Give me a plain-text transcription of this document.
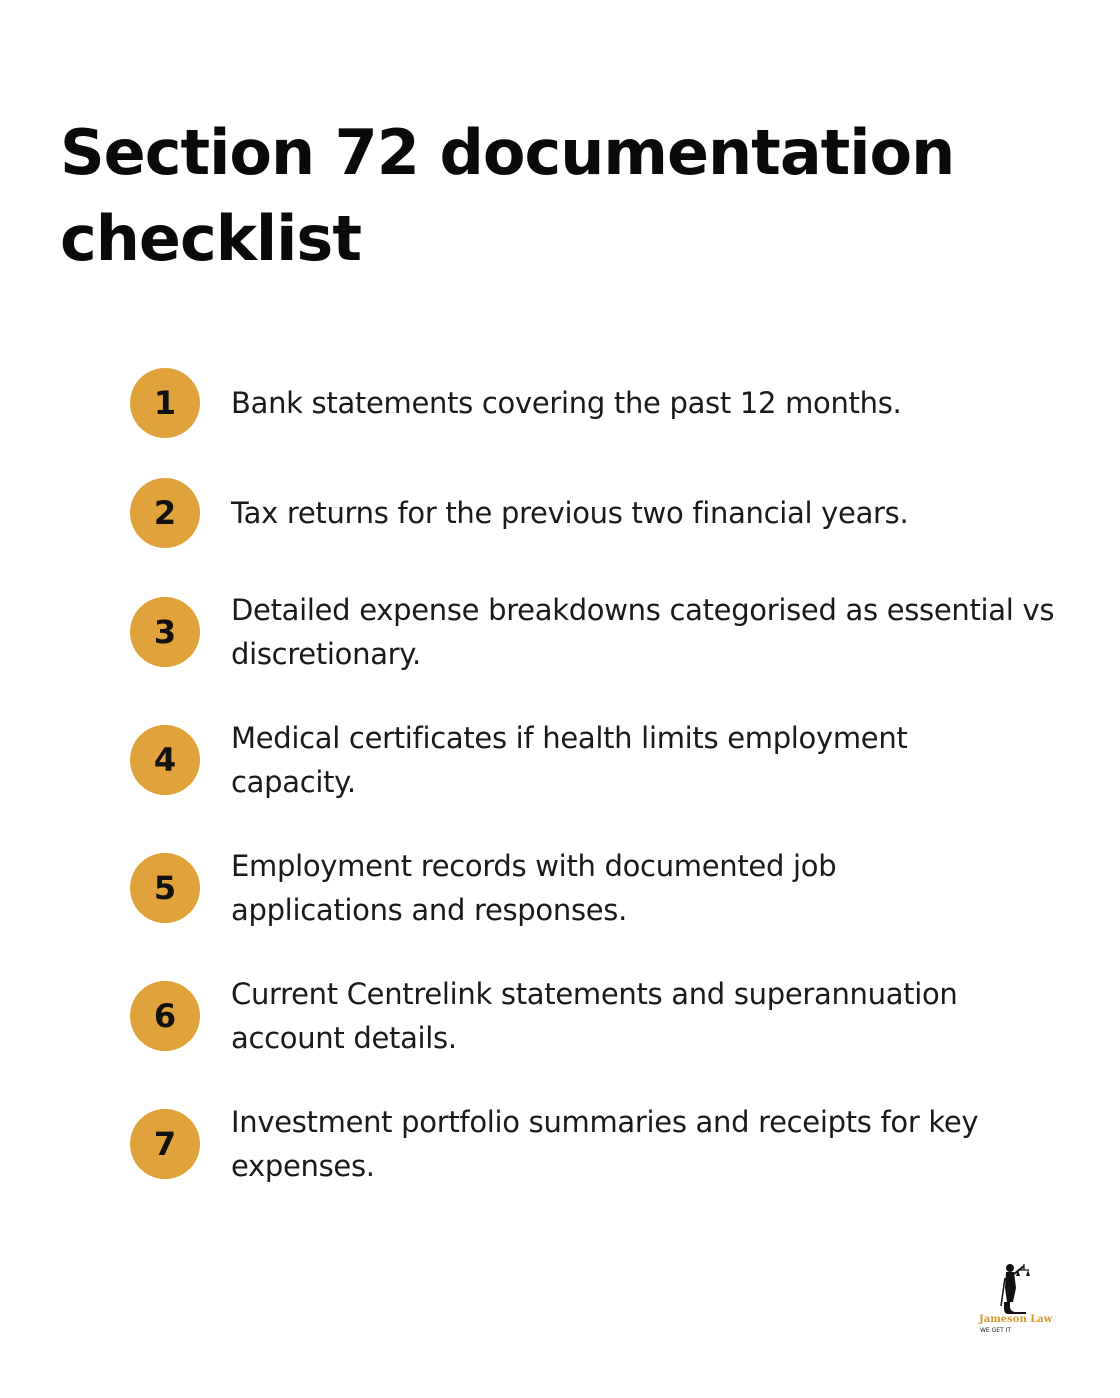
Section 72 documentation checklist
1	Bank statements covering the past 12 months.
2	Tax returns for the previous two financial years.
3
Detailed expense breakdowns categorised as essential vs discretionary.
4
Medical certificates if health limits employment capacity.
5
Employment records with documented job applications and responses.
6
Current Centrelink statements and superannuation account details.
7
Investment portfolio summaries and receipts for key expenses.
Jameson Law
WE GET IT
